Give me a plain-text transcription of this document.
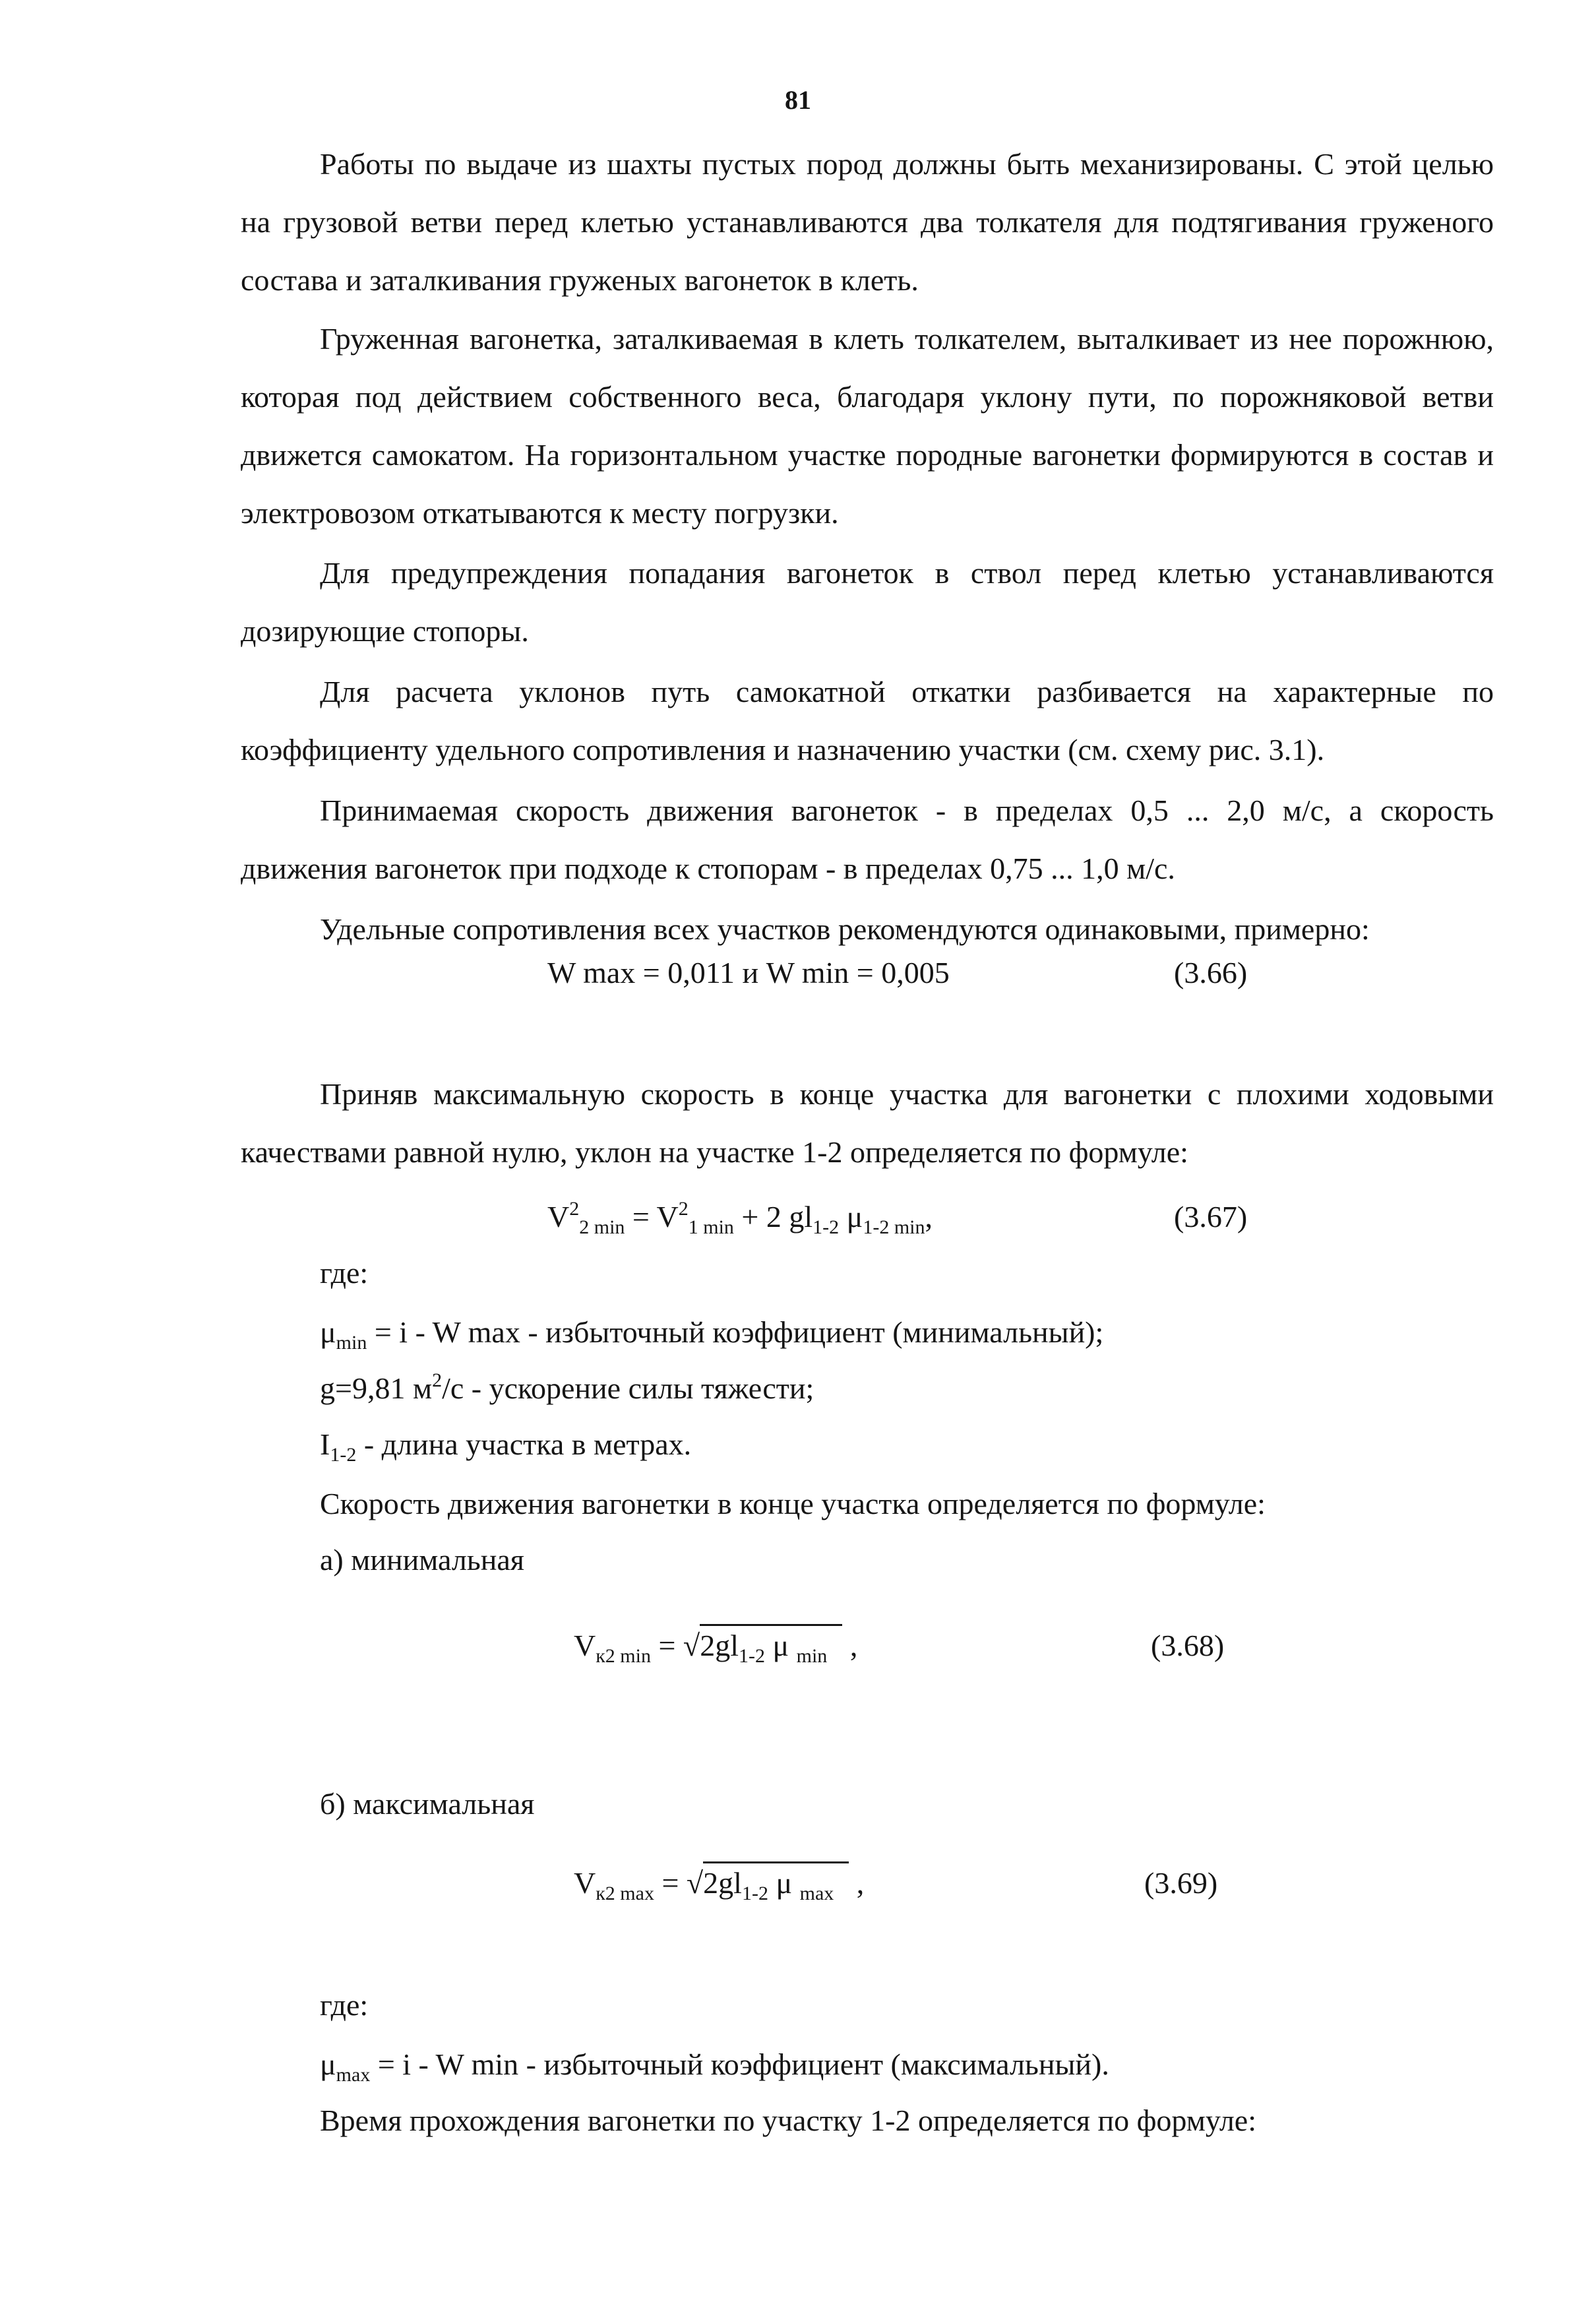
81

Работы по выдаче из шахты пустых пород должны быть механизированы. С этой целью на грузовой ветви перед клетью устанавливаются два толкателя для подтягивания груженого состава и заталкивания груженых вагонеток в клеть.

Груженная вагонетка, заталкиваемая в клеть толкателем, выталкивает из нее порожнюю, которая под действием собственного веса, благодаря уклону пути, по порожняковой ветви движется самокатом. На горизонтальном участке породные вагонетки формируются в состав и электровозом откатываются к месту погрузки.

Для предупреждения попадания вагонеток в ствол перед клетью устанавливаются дозирующие стопоры.

Для расчета уклонов путь самокатной откатки разбивается на характерные по коэффициенту удельного сопротивления и назначению участки (см. схему рис. 3.1).

Принимаемая скорость движения вагонеток - в пределах 0,5 ... 2,0 м/с, а скорость движения вагонеток при подходе к стопорам - в пределах 0,75 ... 1,0 м/с.

Удельные сопротивления всех участков рекомендуются одинаковыми, примерно:

W max = 0,011 и W min = 0,005	(3.66)

Приняв максимальную скорость в конце участка для вагонетки с плохими ходовыми качествами равной нулю, уклон на участке 1-2 определяется по формуле:

$V^2_{2 min} = V^2_{1 min} + 2$ $gl_{1-2}$ $\mu_{1-2 min}$,	(3.67)
где:
$\mu_{min} = i - W$ max - избыточный коэффициент (минимальный);
g=9,81 $м^2/с$ - ускорение силы тяжести;
$I_{1-2}$ - длина участка в метрах.
Скорость движения вагонетки в конце участка определяется по формуле:
а) минимальная
$V_{к2 min} = √2gl_{1-2}$ μ $_{min}$   ,	(3.68)
б) максимальная
$V_{к2 max} = √2gl_{1-2}$ μ $_{max}$   ,	(3.69)
где:
$\mu_{max} = i - W$ min - избыточный коэффициент (максимальный).
Время прохождения вагонетки по участку 1-2 определяется по формуле:
